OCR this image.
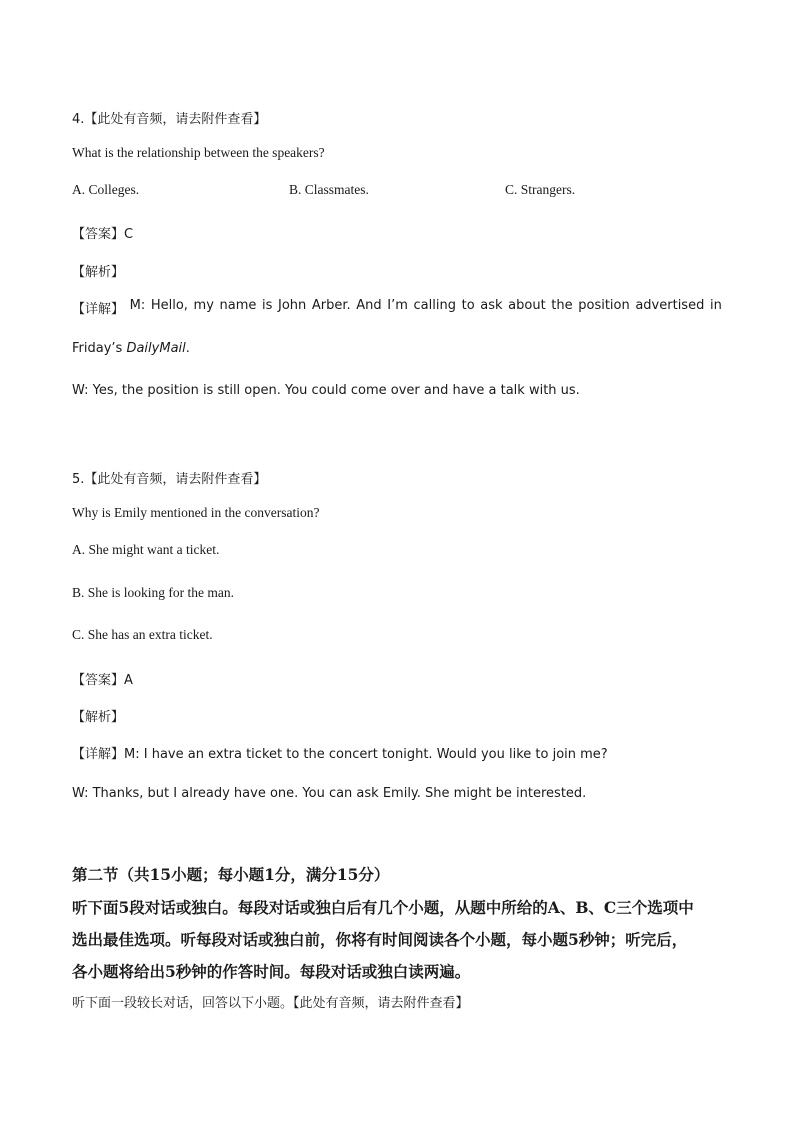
4.【此处有音频，请去附件查看】
What is the relationship between the speakers?
A. Colleges.	B. Classmates.	C. Strangers.
【答案】C
【解析】
【详解】 M: Hello, my name is John Arber. And I’m calling to ask about the position advertised in
Friday’s DailyMail.
W: Yes, the position is still open. You could come over and have a talk with us.
5.【此处有音频，请去附件查看】
Why is Emily mentioned in the conversation?
A. She might want a ticket.
B. She is looking for the man.
C. She has an extra ticket.
【答案】A
【解析】
【详解】M: I have an extra ticket to the concert tonight. Would you like to join me?
W: Thanks, but I already have one. You can ask Emily. She might be interested.
第二节（共15小题；每小题1分，满分15分）
听下面5段对话或独白。每段对话或独白后有几个小题，从题中所给的A、B、C三个选项中
选出最佳选项。听每段对话或独白前，你将有时间阅读各个小题，每小题5秒钟；听完后，
各小题将给出5秒钟的作答时间。每段对话或独白读两遍。
听下面一段较长对话，回答以下小题。【此处有音频，请去附件查看】
